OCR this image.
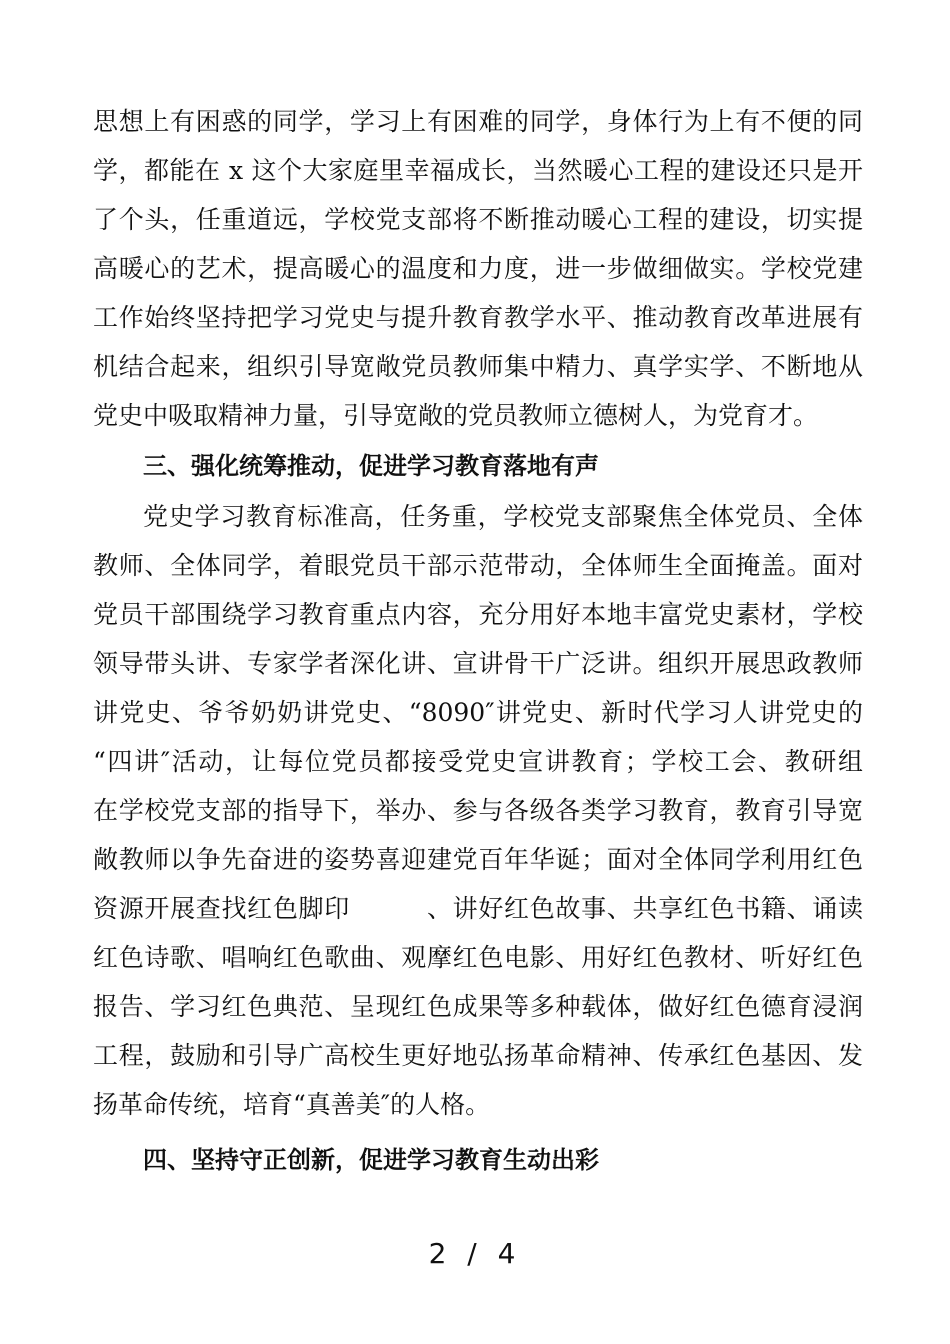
思想上有困惑的同学，学习上有困难的同学，身体行为上有不便的同
学，都能在 x 这个大家庭里幸福成长，当然暖心工程的建设还只是开
了个头，任重道远，学校党支部将不断推动暖心工程的建设，切实提
高暖心的艺术，提高暖心的温度和力度，进一步做细做实。学校党建
工作始终坚持把学习党史与提升教育教学水平、推动教育改革进展有
机结合起来，组织引导宽敞党员教师集中精力、真学实学、不断地从
党史中吸取精神力量，引导宽敞的党员教师立德树人，为党育才。
三、强化统筹推动，促进学习教育落地有声
党史学习教育标准高，任务重，学校党支部聚焦全体党员、全体
教师、全体同学，着眼党员干部示范带动，全体师生全面掩盖。面对
党员干部围绕学习教育重点内容，充分用好本地丰富党史素材，学校
领导带头讲、专家学者深化讲、宣讲骨干广泛讲。组织开展思政教师
讲党史、爷爷奶奶讲党史、“8090″讲党史、新时代学习人讲党史的
“四讲″活动，让每位党员都接受党史宣讲教育；学校工会、教研组
在学校党支部的指导下，举办、参与各级各类学习教育，教育引导宽
敞教师以争先奋进的姿势喜迎建党百年华诞；面对全体同学利用红色
资源开展查找红色脚印　　　、讲好红色故事、共享红色书籍、诵读
红色诗歌、唱响红色歌曲、观摩红色电影、用好红色教材、听好红色
报告、学习红色典范、呈现红色成果等多种载体，做好红色德育浸润
工程，鼓励和引导广高校生更好地弘扬革命精神、传承红色基因、发
扬革命传统，培育“真善美″的人格。
四、坚持守正创新，促进学习教育生动出彩
2 / 4
